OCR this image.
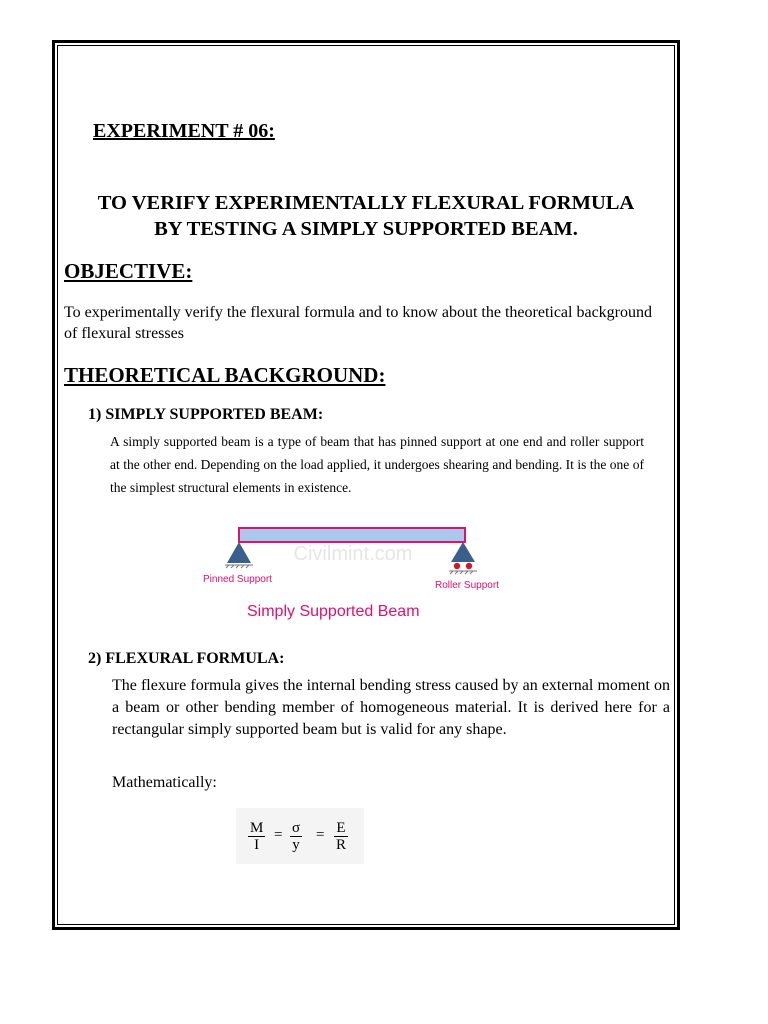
EXPERIMENT # 06:
TO VERIFY EXPERIMENTALLY FLEXURAL FORMULA
BY TESTING A SIMPLY SUPPORTED BEAM.
OBJECTIVE:
To experimentally verify the flexural formula and to know about the theoretical background of flexural stresses
THEORETICAL BACKGROUND:
1) SIMPLY SUPPORTED BEAM:
A simply supported beam is a type of beam that has pinned support at one end and roller support at the other end. Depending on the load applied, it undergoes shearing and bending. It is the one of the simplest structural elements in existence.
Civilmint.com
Pinned Support
Roller Support
Simply Supported Beam
2) FLEXURAL FORMULA:
The flexure formula gives the internal bending stress caused by an external moment on a beam or other bending member of homogeneous material. It is derived here for a rectangular simply supported beam but is valid for any shape.
Mathematically:
$\frac{M}{I} = \frac{\sigma}{y} = \frac{E}{R}$
